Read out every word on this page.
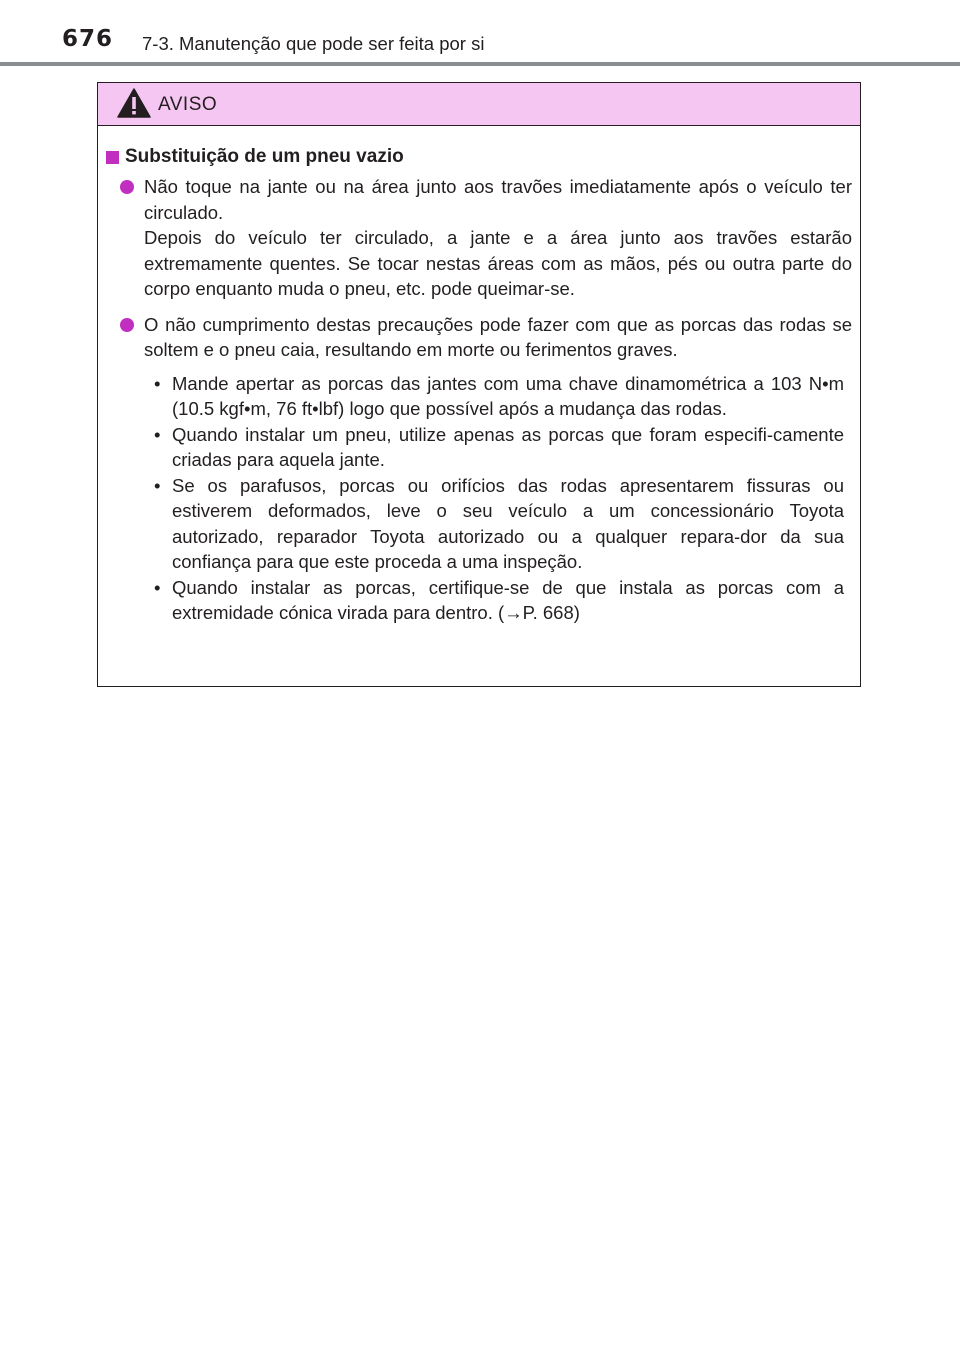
676 7-3. Manutenção que pode ser feita por si
AVISO
Substituição de um pneu vazio

Não toque na jante ou na área junto aos travões imediatamente após o veículo ter circulado.

Depois do veículo ter circulado, a jante e a área junto aos travões estarão extremamente quentes. Se tocar nestas áreas com as mãos, pés ou outra parte do corpo enquanto muda o pneu, etc. pode queimar-se.

O não cumprimento destas precauções pode fazer com que as porcas das rodas se soltem e o pneu caia, resultando em morte ou ferimentos graves.

• Mande apertar as porcas das jantes com uma chave dinamométrica a 103 N•m (10.5 kgf•m, 76 ft•lbf) logo que possível após a mudança das rodas.
• Quando instalar um pneu, utilize apenas as porcas que foram especifi-camente criadas para aquela jante.
• Se os parafusos, porcas ou orifícios das rodas apresentarem fissuras ou estiverem deformados, leve o seu veículo a um concessionário Toyota autorizado, reparador Toyota autorizado ou a qualquer repara-dor da sua confiança para que este proceda a uma inspeção.
• Quando instalar as porcas, certifique-se de que instala as porcas com a extremidade cónica virada para dentro. (→P. 668)
